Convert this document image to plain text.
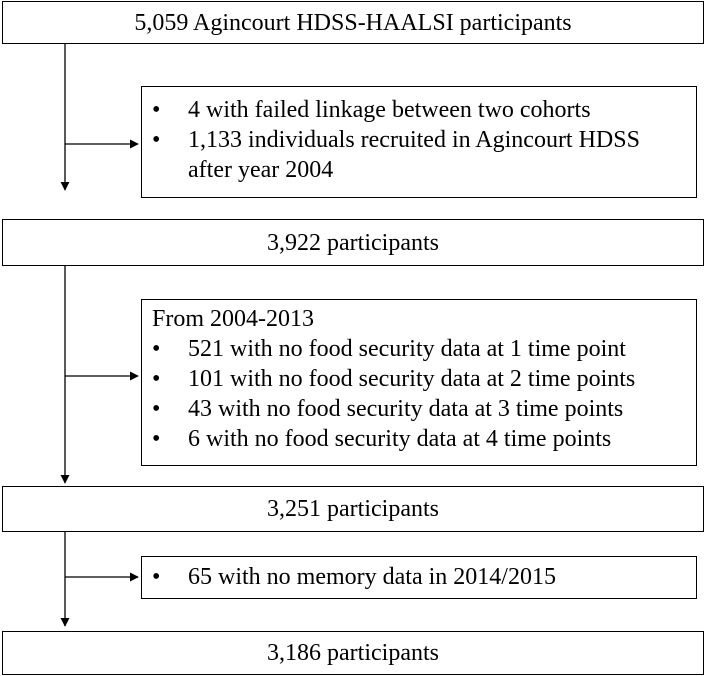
5,059 Agincourt HDSS-HAALSI participants
3,922 participants
3,251 participants
3,186 participants
• 4 with failed linkage between two cohorts
• 1,133 individuals recruited in Agincourt HDSS after year 2004
From 2004-2013
• 521 with no food security data at 1 time point
• 101 with no food security data at 2 time points
• 43 with no food security data at 3 time points
• 6 with no food security data at 4 time points
• 65 with no memory data in 2014/2015
